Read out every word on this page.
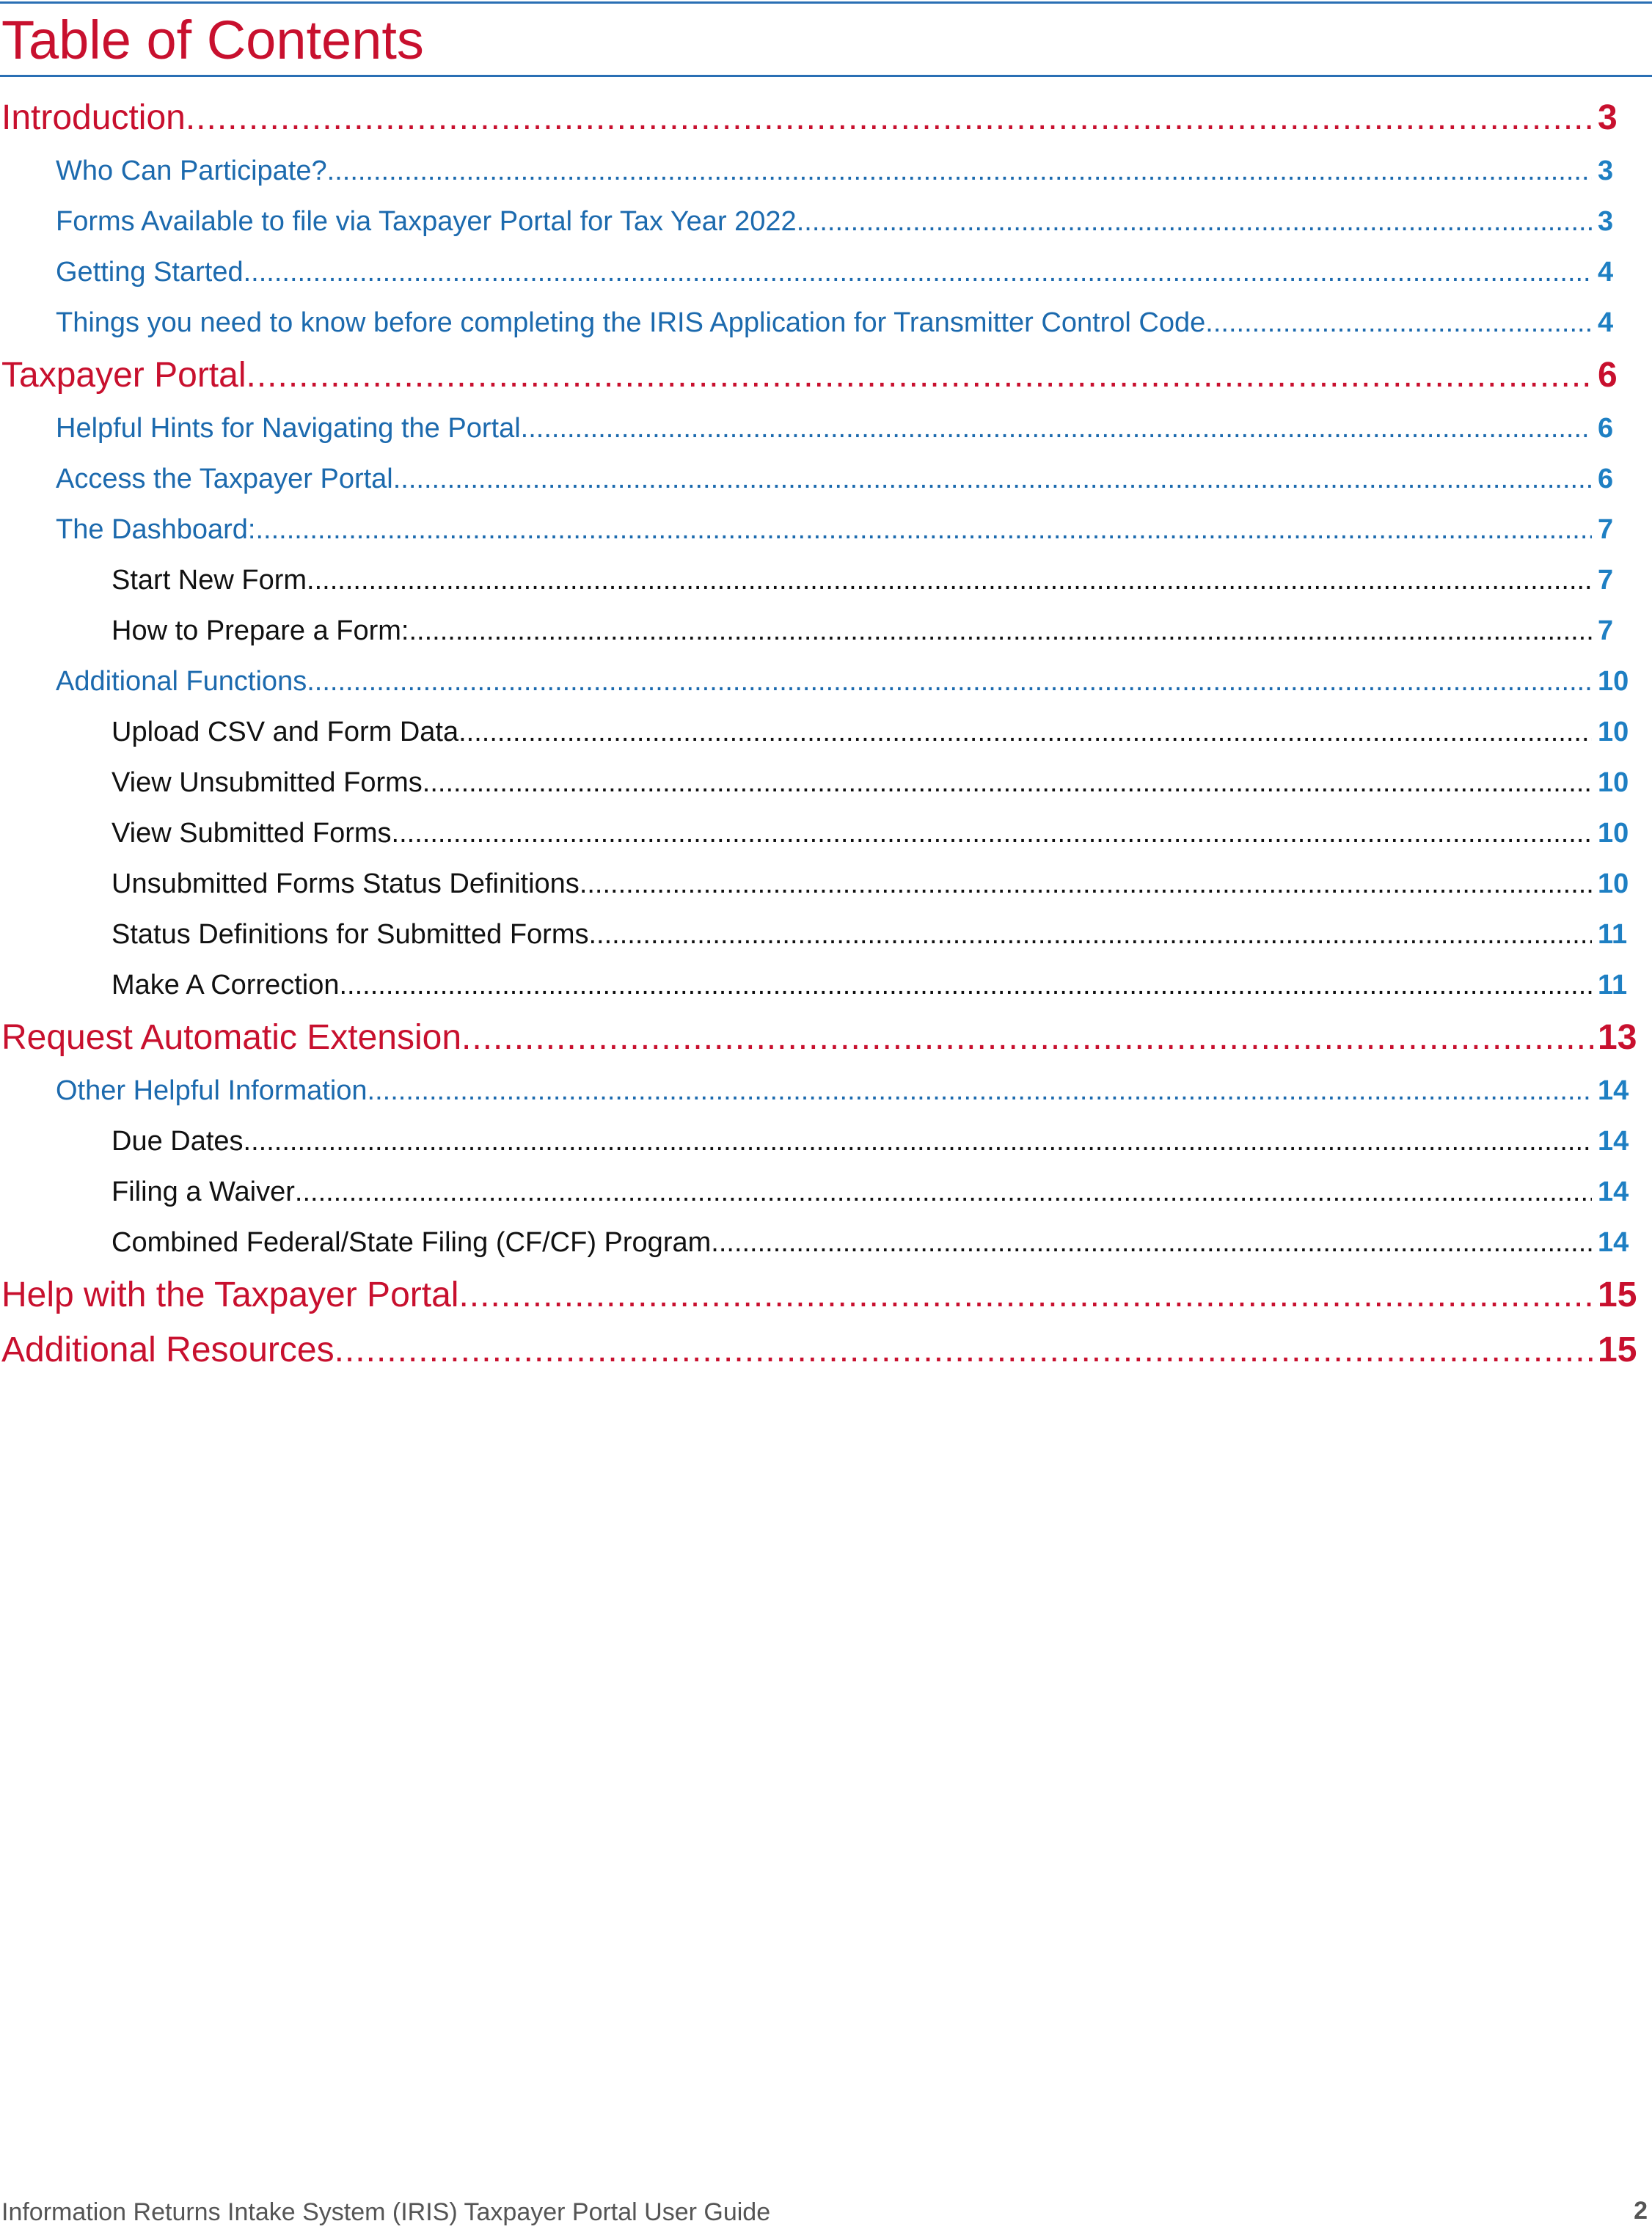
Table of Contents
Introduction .....	3
Who Can Participate? .....	3
Forms Available to file via Taxpayer Portal for Tax Year 2022 .....	3
Getting Started .....	4
Things you need to know before completing the IRIS Application for Transmitter Control Code .....	4
Taxpayer Portal .....	6
Helpful Hints for Navigating the Portal .....	6
Access the Taxpayer Portal .....	6
The Dashboard: .....	7
Start New Form .....	7
How to Prepare a Form: .....	7
Additional Functions .....	10
Upload CSV and Form Data .....	10
View Unsubmitted Forms .....	10
View Submitted Forms .....	10
Unsubmitted Forms Status Definitions .....	10
Status Definitions for Submitted Forms .....	11
Make A Correction .....	11
Request Automatic Extension .....	13
Other Helpful Information .....	14
Due Dates .....	14
Filing a Waiver .....	14
Combined Federal/State Filing (CF/CF) Program .....	14
Help with the Taxpayer Portal .....	15
Additional Resources .....	15
Information Returns Intake System (IRIS) Taxpayer Portal User Guide	2
